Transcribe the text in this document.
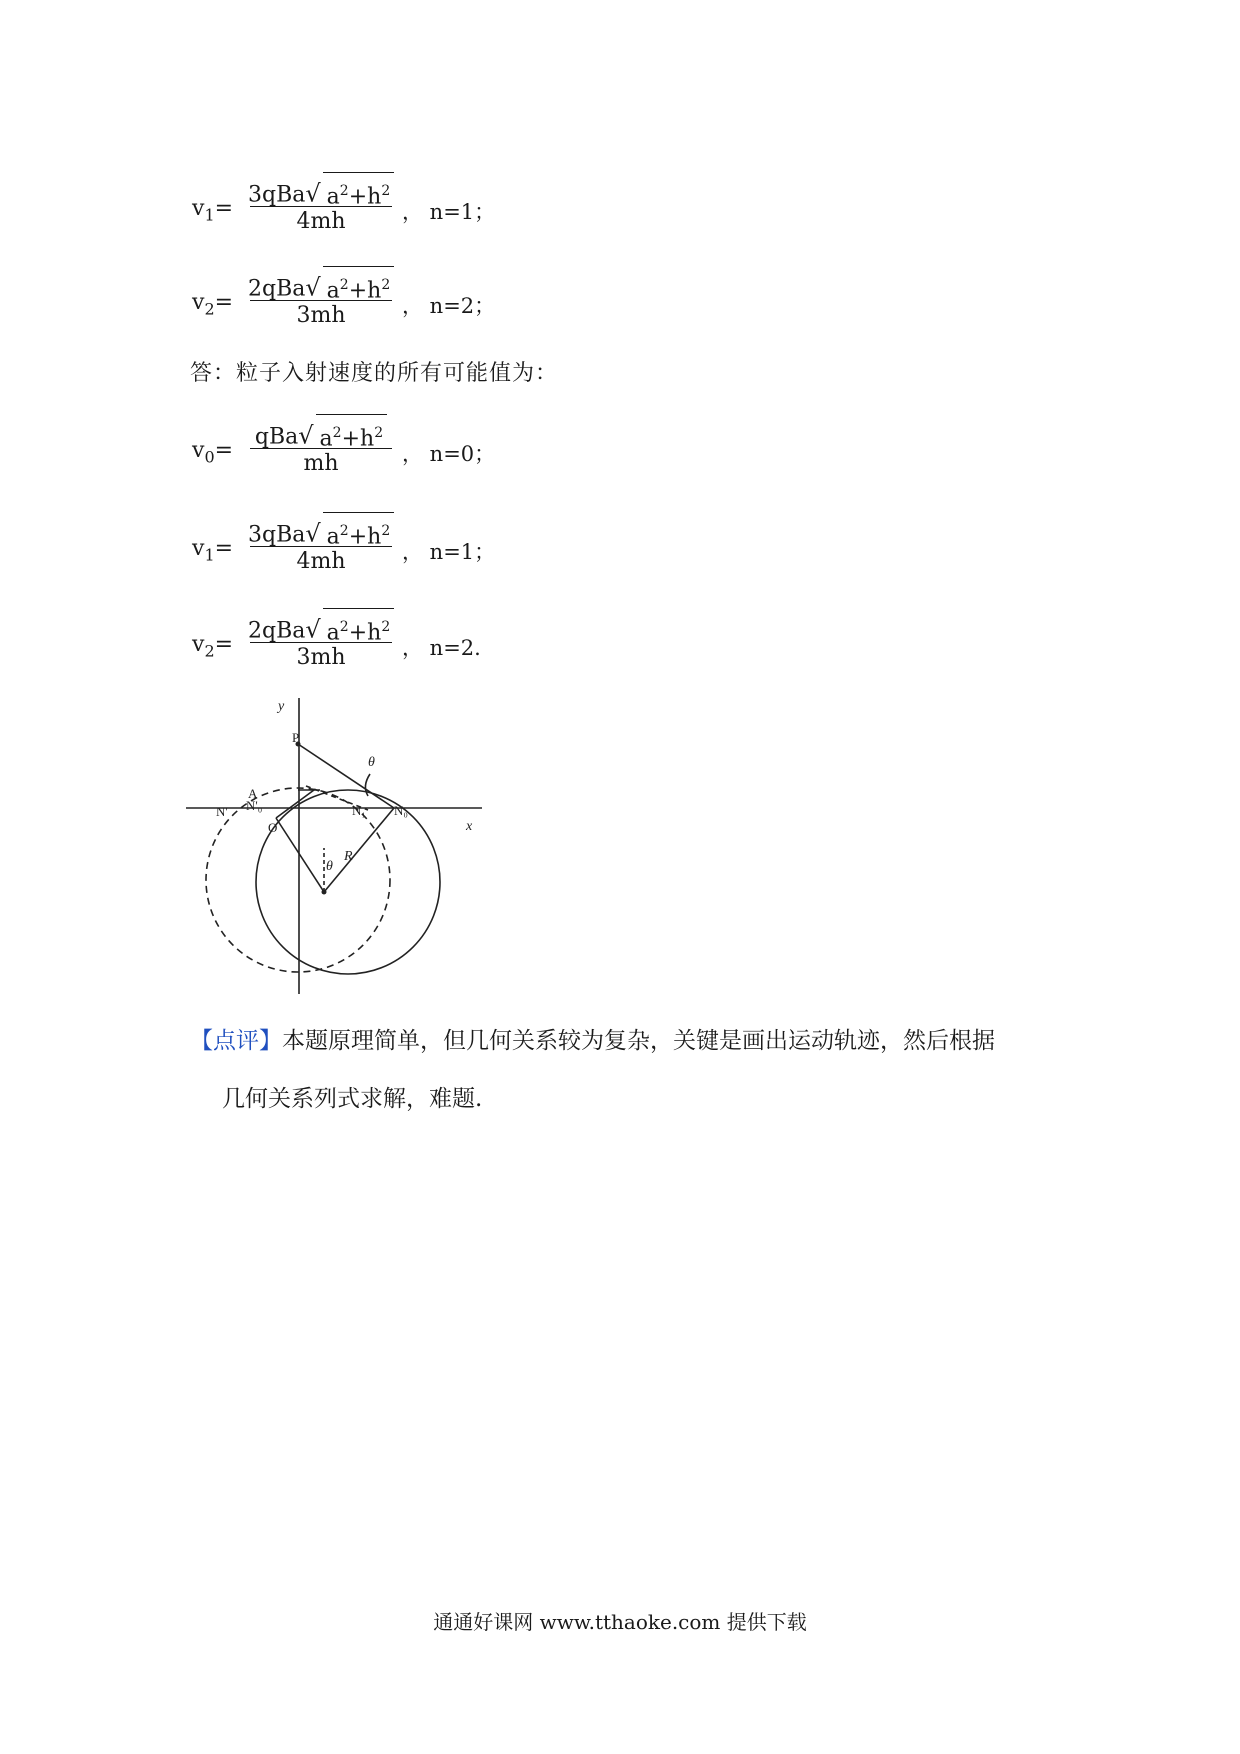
$v_1=$
3qBa√ $a^2+h^2$
4mh	， n=1；
$v_2=$
2qBa√ $a^2+h^2$
3mh	， n=2；
答：粒子入射速度的所有可能值为：
$v_0=$
qBa√ $a^2+h^2$
mh	， n=0；
$v_1=$
3qBa√ $a^2+h^2$
4mh	， n=1；
$v_2=$
2qBa√ $a^2+h^2$
3mh	， n=2.
y
x
θ
R
θ
P
A
N'₀
N'
O
N₁ N₀
【点评】本题原理简单，但几何关系较为复杂，关键是画出运动轨迹，然后根据
几何关系列式求解，难题.
通通好课网 www.tthaoke.com 提供下载
